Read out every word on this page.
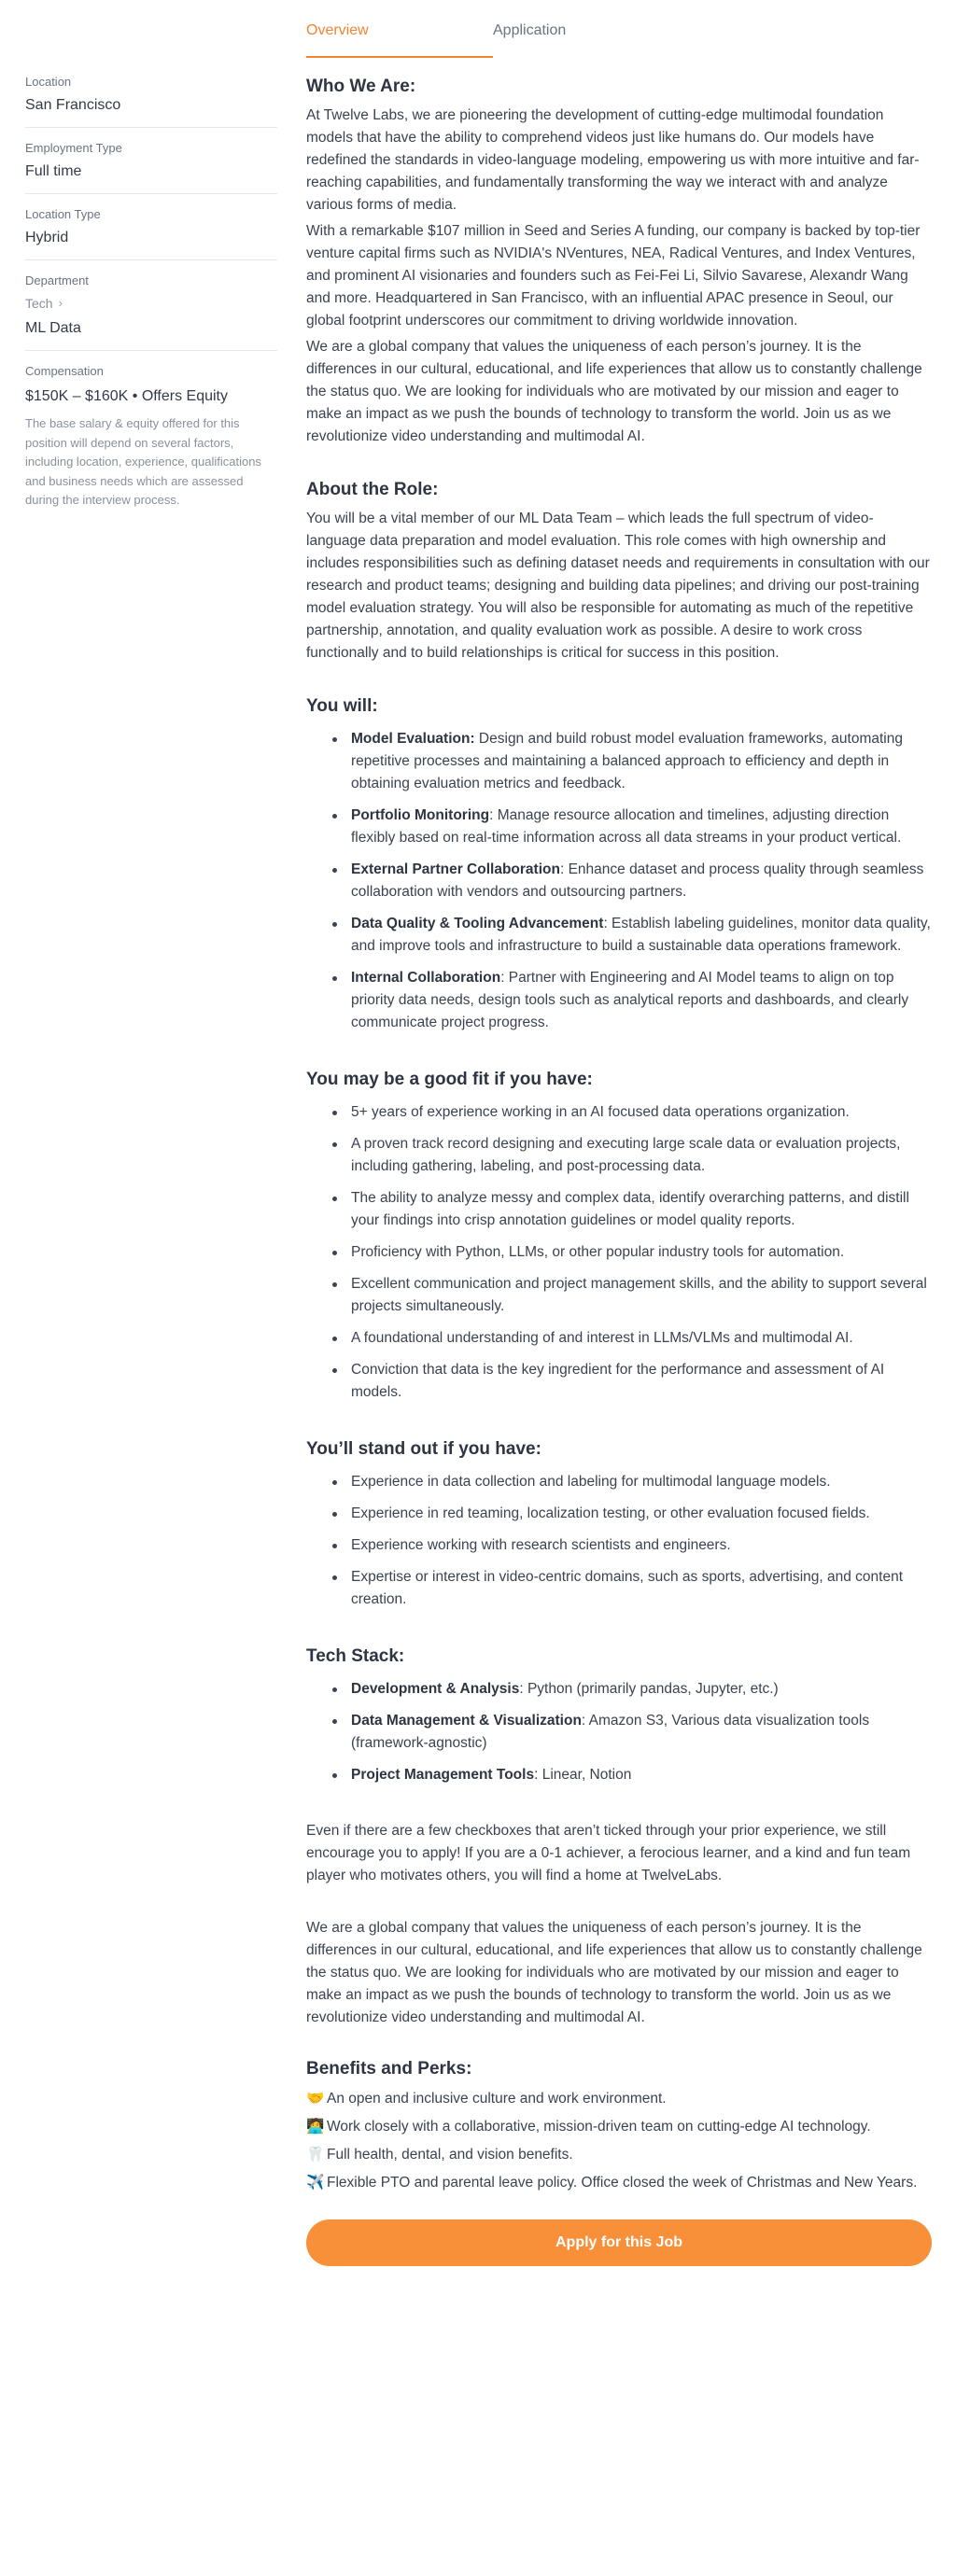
Overview	Application
Location
San Francisco
Employment Type
Full time
Location Type
Hybrid
Department
Tech ›
ML Data
Compensation
$150K – $160K • Offers Equity
The base salary & equity offered for this position will depend on several factors, including location, experience, qualifications and business needs which are assessed during the interview process.
Who We Are:

At Twelve Labs, we are pioneering the development of cutting-edge multimodal foundation models that have the ability to comprehend videos just like humans do. Our models have redefined the standards in video-language modeling, empowering us with more intuitive and far-reaching capabilities, and fundamentally transforming the way we interact with and analyze various forms of media.

With a remarkable $107 million in Seed and Series A funding, our company is backed by top-tier venture capital firms such as NVIDIA's NVentures, NEA, Radical Ventures, and Index Ventures, and prominent AI visionaries and founders such as Fei-Fei Li, Silvio Savarese, Alexandr Wang and more. Headquartered in San Francisco, with an influential APAC presence in Seoul, our global footprint underscores our commitment to driving worldwide innovation.

We are a global company that values the uniqueness of each person’s journey. It is the differences in our cultural, educational, and life experiences that allow us to constantly challenge the status quo. We are looking for individuals who are motivated by our mission and eager to make an impact as we push the bounds of technology to transform the world. Join us as we revolutionize video understanding and multimodal AI.

About the Role:

You will be a vital member of our ML Data Team – which leads the full spectrum of video-language data preparation and model evaluation. This role comes with high ownership and includes responsibilities such as defining dataset needs and requirements in consultation with our research and product teams; designing and building data pipelines; and driving our post-training model evaluation strategy. You will also be responsible for automating as much of the repetitive partnership, annotation, and quality evaluation work as possible. A desire to work cross functionally and to build relationships is critical for success in this position.

You will:
Model Evaluation: Design and build robust model evaluation frameworks, automating repetitive processes and maintaining a balanced approach to efficiency and depth in obtaining evaluation metrics and feedback.
Portfolio Monitoring: Manage resource allocation and timelines, adjusting direction flexibly based on real-time information across all data streams in your product vertical.
External Partner Collaboration: Enhance dataset and process quality through seamless collaboration with vendors and outsourcing partners.
Data Quality & Tooling Advancement: Establish labeling guidelines, monitor data quality, and improve tools and infrastructure to build a sustainable data operations framework.
Internal Collaboration: Partner with Engineering and AI Model teams to align on top priority data needs, design tools such as analytical reports and dashboards, and clearly communicate project progress.
You may be a good fit if you have:
5+ years of experience working in an AI focused data operations organization.
A proven track record designing and executing large scale data or evaluation projects, including gathering, labeling, and post-processing data.
The ability to analyze messy and complex data, identify overarching patterns, and distill your findings into crisp annotation guidelines or model quality reports.
Proficiency with Python, LLMs, or other popular industry tools for automation.
Excellent communication and project management skills, and the ability to support several projects simultaneously.
A foundational understanding of and interest in LLMs/VLMs and multimodal AI.
Conviction that data is the key ingredient for the performance and assessment of AI models.
You’ll stand out if you have:
Experience in data collection and labeling for multimodal language models.
Experience in red teaming, localization testing, or other evaluation focused fields.
Experience working with research scientists and engineers.
Expertise or interest in video-centric domains, such as sports, advertising, and content creation.
Tech Stack:
Development & Analysis: Python (primarily pandas, Jupyter, etc.)
Data Management & Visualization: Amazon S3, Various data visualization tools (framework-agnostic)
Project Management Tools: Linear, Notion

Even if there are a few checkboxes that aren’t ticked through your prior experience, we still encourage you to apply! If you are a 0-1 achiever, a ferocious learner, and a kind and fun team player who motivates others, you will find a home at TwelveLabs.

We are a global company that values the uniqueness of each person’s journey. It is the differences in our cultural, educational, and life experiences that allow us to constantly challenge the status quo. We are looking for individuals who are motivated by our mission and eager to make an impact as we push the bounds of technology to transform the world. Join us as we revolutionize video understanding and multimodal AI.

Benefits and Perks:
🤝 An open and inclusive culture and work environment.
🧑‍💻 Work closely with a collaborative, mission-driven team on cutting-edge AI technology.
🦷 Full health, dental, and vision benefits.
✈️ Flexible PTO and parental leave policy. Office closed the week of Christmas and New Years.
Apply for this Job
